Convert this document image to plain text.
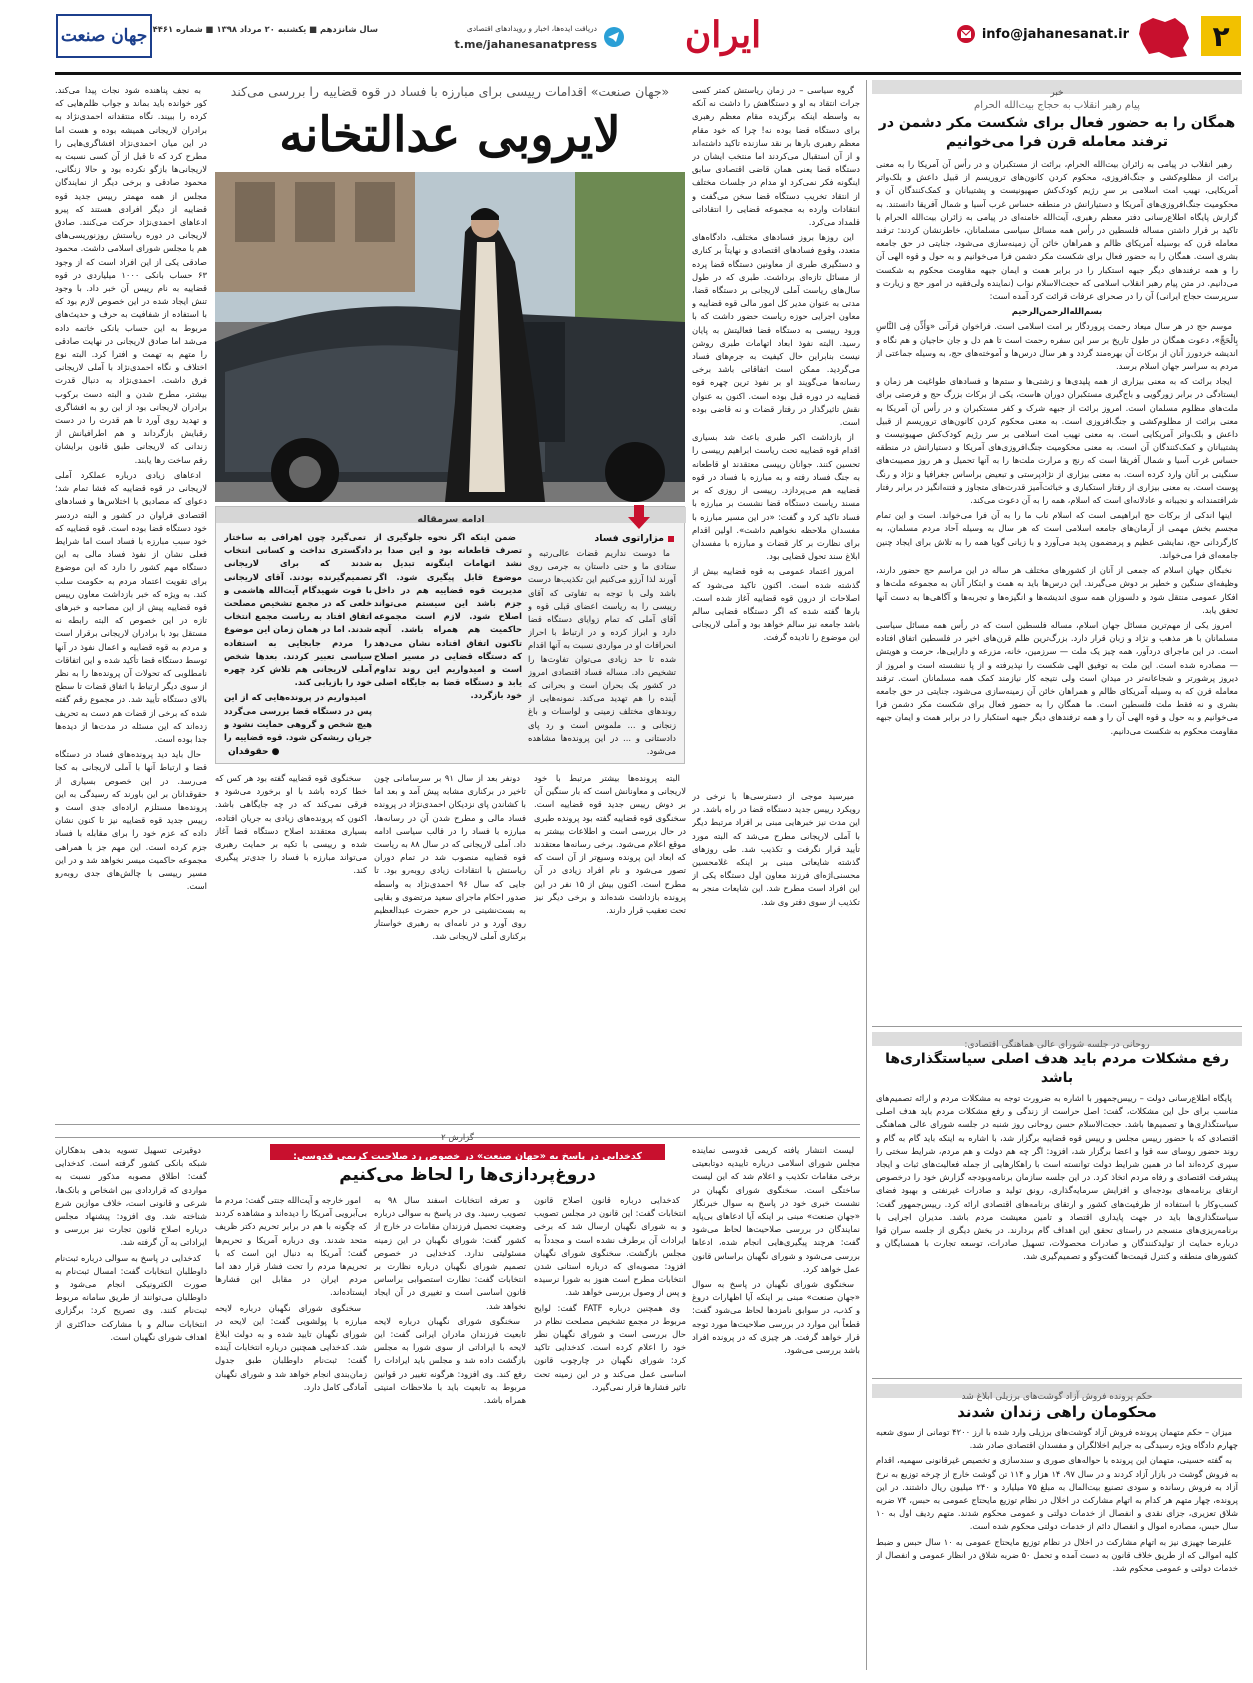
۲
info@jahanesanat.ir
ایران
دریافت ایده‌ها، اخبار و رویدادهای اقتصادی
t.me/jahanesanatpress
سال شانزدهم ■ یکشنبه ۲۰ مرداد ۱۳۹۸ ■ شماره ۴۴۶۱
جهان صنعت
خبر
پیام رهبر انقلاب به حجاج بیت‌الله الحرام
همگان را به حضور فعال برای شکست مکر دشمن در ترفند معامله قرن فرا می‌خوانیم

رهبر انقلاب در پیامی به زائران بیت‌الله الحرام، برائت از مستکبران و در رأس آن آمریکا را به معنی برائت از مظلوم‌کشی و جنگ‌افروزی، محکوم کردن کانون‌های تروریسم از قبیل داعش و بلک‌واتر آمریکایی، نهیب امت اسلامی بر سرِ رژیم کودک‌کش صهیونیست و پشتیبانان و کمک‌کنندگان آن و محکومیت جنگ‌افروزی‌های آمریکا و دستیارانش در منطقه حساس غرب آسیا و شمال آفریقا دانستند. به گزارش پایگاه اطلاع‌رسانی دفتر معظم رهبری، آیت‌الله خامنه‌ای در پیامی به زائران بیت‌الله الحرام با تاکید بر قرار داشتن مساله فلسطین در رأس همه مسائل سیاسی مسلمانان، خاطرنشان کردند: ترفند معامله قرن که بوسیله آمریکای ظالم و همراهان خائن آن زمینه‌سازی می‌شود، جنایتی در حق جامعه بشری است. همگان را به حضور فعال برای شکست مکر دشمن فرا می‌خوانیم و به حول و قوه الهی آن را و همه ترفندهای دیگر جبهه استکبار را در برابر همت و ایمان جبهه مقاومت محکوم به شکست می‌دانیم. در متن پیام رهبر انقلاب اسلامی که حجت‌الاسلام نواب (نماینده ولی‌فقیه در امور حج و زیارت و سرپرست حجاج ایرانی) آن را در صحرای عرفات قرائت کرد آمده است:

بسم‌الله‌الرحمن‌الرحیم

موسم حج در هر سال میعاد رحمت پروردگار بر امت اسلامی است. فراخوان قرآنی «وَأَذِّن فِی النَّاسِ بِالْحَجِّ»، دعوت همگان در طول تاریخ بر سر این سفره رحمت است تا هم دل و جان حاجیان و هم نگاه و اندیشه خردورز آنان از برکات آن بهره‌مند گردد و هر سال درس‌ها و آموخته‌های حج، به وسیله جماعتی از مردم به سراسر جهان اسلام برسد.

ایجاد برائت که به معنی بیزاری از همه پلیدی‌ها و زشتی‌ها و ستم‌ها و فسادهای طواغیت هر زمان و ایستادگی در برابر زورگویی و باج‌گیری مستکبران دوران هاست، یکی از برکات بزرگ حج و فرصتی برای ملت‌های مظلوم مسلمان است. امروز برائت از جبهه شرک و کفر مستکبران و در رأس آن آمریکا به معنی برائت از مظلوم‌کشی و جنگ‌افروزی است. به معنی محکوم کردن کانون‌های تروریسم از قبیل داعش و بلک‌واتر آمریکایی است. به معنی نهیب امت اسلامی بر سر رژیم کودک‌کش صهیونیست و پشتیبانان و کمک‌کنندگان آن است. به معنی محکومیت جنگ‌افروزی‌های آمریکا و دستیارانش در منطقه حساس غرب آسیا و شمال آفریقا است که رنج و مرارت ملت‌ها را به آنها تحمیل و هر روز مصیبت‌های سنگینی بر آنان وارد کرده است. به معنی بیزاری از نژادپرستی و تبعیض براساس جغرافیا و نژاد و رنگ پوست است. به معنی بیزاری از رفتار استکباری و خباثت‌آمیز قدرت‌های متجاوز و فتنه‌انگیز در برابر رفتار شرافتمندانه و نجیبانه و عادلانه‌ای است که اسلام، همه را به آن دعوت می‌کند.

اینها اندکی از برکات حج ابراهیمی است که اسلام ناب ما را به آن فرا می‌خواند. است و این تمام مجسم بخش مهمی از آرمان‌های جامعه اسلامی است که هر سال به وسیله آحاد مردم مسلمان، به کارگردانی حج، نمایشی عظیم و پرمضمون پدید می‌آورد و با زبانی گویا همه را به تلاش برای ایجاد چنین جامعه‌ای فرا می‌خواند.

نخبگان جهان اسلام که جمعی از آنان از کشورهای مختلف هر ساله در این مراسم حج حضور دارند، وظیفه‌ای سنگین و خطیر بر دوش می‌گیرند. این درس‌ها باید به همت و ابتکار آنان به مجموعه ملت‌ها و افکار عمومی منتقل شود و دلسوزان همه سوی اندیشه‌ها و انگیزه‌ها و تجربه‌ها و آگاهی‌ها به دست آنها تحقق یابد.

امروز یکی از مهم‌ترین مسائل جهان اسلام، مساله فلسطین است که در رأس همه مسائل سیاسی مسلمانان با هر مذهب و نژاد و زبان قرار دارد. بزرگ‌ترین ظلم قرن‌های اخیر در فلسطین اتفاق افتاده است. در این ماجرای دردآور، همه چیز یک ملت — سرزمین، خانه، مزرعه و دارایی‌ها، حرمت و هویتش — مصادره شده است. این ملت به توفیق الهی شکست را نپذیرفته و از پا ننشسته است و امروز از دیروز پرشورتر و شجاعانه‌تر در میدان است ولی نتیجه کار نیازمند کمک همه مسلمانان است. ترفند معامله قرن که به وسیله آمریکای ظالم و همراهان خائن آن زمینه‌سازی می‌شود، جنایتی در حق جامعه بشری و نه فقط ملت فلسطین است. ما همگان را به حضور فعال برای شکست مکر دشمن فرا می‌خوانیم و به حول و قوه الهی آن را و همه ترفندهای دیگر جبهه استکبار را در برابر همت و ایمان جبهه مقاومت محکوم به شکست می‌دانیم.

روحانی در جلسه شورای عالی هماهنگی اقتصادی:
رفع مشکلات مردم باید هدف اصلی سیاستگذاری‌ها باشد

پایگاه اطلاع‌رسانی دولت – رییس‌جمهور با اشاره به ضرورت توجه به مشکلات مردم و ارائه تصمیم‌های مناسب برای حل این مشکلات، گفت: اصل حراست از زندگی و رفع مشکلات مردم باید هدف اصلی سیاستگذاری‌ها و تصمیم‌ها باشد. حجت‌الاسلام حسن روحانی روز شنبه در جلسه شورای عالی هماهنگی اقتصادی که با حضور رییس مجلس و رییس قوه قضاییه برگزار شد، با اشاره به اینکه باید گام به گام و روند حضور روسای سه قوا و اعضا برگزار شد، افزود: اگر چه هم دولت و هم مردم، شرایط سختی را سپری کرده‌اند اما در همین شرایط دولت توانسته است با راهکارهایی از جمله فعالیت‌های ثبات و ایجاد پیشرفت اقتصادی و رفاه مردم اتخاذ کرد. در این جلسه سازمان برنامه‌وبودجه گزارش خود را درخصوص ارتقای برنامه‌های بودجه‌ای و افزایش سرمایه‌گذاری، رونق تولید و صادرات غیرنفتی و بهبود فضای کسب‌وکار با استفاده از ظرفیت‌های کشور و ارتقای برنامه‌های اقتصادی ارائه کرد. رییس‌جمهور گفت: سیاستگذاری‌ها باید در جهت پایداری اقتصاد و تامین معیشت مردم باشد. مدیران اجرایی با برنامه‌ریزی‌های منسجم در راستای تحقق این اهداف گام بردارند. در بخش دیگری از جلسه سران قوا درباره حمایت از تولیدکنندگان و صادرات محصولات، تسهیل صادرات، توسعه تجارت با همسایگان و کشورهای منطقه و کنترل قیمت‌ها گفت‌وگو و تصمیم‌گیری شد.

حکم پرونده فروش آزاد گوشت‌های برزیلی ابلاغ شد
محکومان راهی زندان شدند

میزان – حکم متهمان پرونده فروش آزاد گوشت‌های برزیلی وارد شده با ارز ۴۲۰۰ تومانی از سوی شعبه چهارم دادگاه ویژه رسیدگی به جرایم اخلالگران و مفسدان اقتصادی صادر شد.

به گفته حسینی، متهمان این پرونده با حواله‌های صوری و سندسازی و تخصیص غیرقانونی سهمیه، اقدام به فروش گوشت در بازار آزاد کردند و در سال ۹۷، ۱۴ هزار و ۱۱۴ تن گوشت خارج از چرخه توزیع به نرخ آزاد به فروش رسانده و سودی تصنیع بیت‌المال به مبلغ ۷۵ میلیارد و ۲۴۰ میلیون ریال داشتند. در این پرونده، چهار متهم هر کدام به اتهام مشارکت در اخلال در نظام توزیع مایحتاج عمومی به حبس، ۷۴ ضربه شلاق تعزیری، جزای نقدی و انفصال از خدمات دولتی و عمومی محکوم شدند. متهم ردیف اول به ۱۰ سال حبس، مصادره اموال و انفصال دائم از خدمات دولتی محکوم شده است.

علیرضا جهیزی نیز به اتهام مشارکت در اخلال در نظام توزیع مایحتاج عمومی به ۱۰ سال حبس و ضبط کلیه اموالی که از طریق خلاف قانون به دست آمده و تحمل ۵۰ ضربه شلاق در انظار عمومی و انفصال از خدمات دولتی و عمومی محکوم شد.

«جهان صنعت» اقدامات رییسی برای مبارزه با فساد در قوه قضاییه را بررسی می‌کند
لایروبی عدالتخانه

به نجف پناهنده شود نجات پیدا می‌کند. کور خوانده باید بماند و جواب ظلم‌هایی که کرده را ببیند. نگاه منتقدانه احمدی‌نژاد به برادران لاریجانی همیشه بوده و هست اما در این میان احمدی‌نژاد افشاگری‌هایی را مطرح کرد که تا قبل از آن کسی نسبت به لاریجانی‌ها بازگو نکرده بود و حالا زنگانی، محمود صادقی و برخی دیگر از نمایندگان مجلس از همه مهمتر رییس جدید قوه قضاییه از دیگر افرادی هستند که پیرو ادعاهای احمدی‌نژاد حرکت می‌کنند. صادق لاریجانی در دوره ریاستش روزنوریسی‌های هم با مجلس شورای اسلامی داشت. محمود صادقی یکی از این افراد است که از وجود ۶۳ حساب بانکی ۱۰۰۰ میلیاردی در قوه قضاییه به نام رییس آن خبر داد. با وجود تنش ایجاد شده در این خصوص لازم بود که با استفاده از شفافیت به حرف و حدیث‌های مربوط به این حساب بانکی خاتمه داده می‌شد اما صادق لاریجانی در نهایت صادقی را متهم به تهمت و افترا کرد. البته نوع اختلاف و نگاه احمدی‌نژاد با آملی لاریجانی فرق داشت. احمدی‌نژاد به دنبال قدرت بیشتر، مطرح شدن و البته دست برکوب برادران لاریجانی بود از این رو به افشاگری و تهدید روی آورد تا هم قدرت را در دست رقبایش بازگرداند و هم اطرافیانش از زندانی که لاریجانی طبق قانون برایشان رقم ساخت رها یابند.

ادعاهای زیادی درباره عملکرد آملی لاریجانی در قوه قضاییه که فشا تمام شد؛ دعوای که مصادیق با اختلاس‌ها و فسادهای اقتصادی فراوان در کشور و البته دردسر خود دستگاه قضا بوده است. قوه قضاییه که خود سبب مبارزه با فساد است اما شرایط فعلی نشان از نفوذ فساد مالی به این دستگاه مهم کشور را دارد که این موضوع برای تقویت اعتماد مردم به حکومت سلب کند. به ویژه که خبر بازداشت معاون رییس قوه قضاییه پیش از این مصاحبه و خبرهای تازه در این خصوص که البته رابطه نه مستقل بود با برادران لاریجانی برقرار است و مردم به قوه قضاییه و اعمال نفوذ در آنها توسط دستگاه قضا تأکید شده و این اتفاقات نامطلوبی که تحولات آن پرونده‌ها را به نظر از سوی دیگر ارتباط با اتفاق قضات تا سطح بالای دستگاه تأیید شد. در مجموع رقم گفته شده که برخی از قضات هم دست به تحریف زده‌اند که این مسئله در مدت‌ها از دیده‌ها جدا بوده است.

حال باید دید پرونده‌های فساد در دستگاه قضا و ارتباط آنها با آملی لاریجانی به کجا می‌رسد. در این خصوص بسیاری از حقوقدانان بر این باورند که رسیدگی به این پرونده‌ها مستلزم اراده‌ای جدی است و رییس جدید قوه قضاییه نیز تا کنون نشان داده که عزم خود را برای مقابله با فساد جزم کرده است. این مهم جز با همراهی مجموعه حاکمیت میسر نخواهد شد و در این مسیر رییسی با چالش‌های جدی روبه‌رو است.

گروه سیاسی – در زمان ریاستش کمتر کسی جرات انتقاد به او و دستگاهش را داشت نه آنکه به واسطه اینکه برگزیده مقام معظم رهبری برای دستگاه قضا بوده نه! چرا که خود مقام معظم رهبری بارها بر نقد سازنده تاکید داشته‌اند و از آن استقبال می‌کردند اما منتخب ایشان در دستگاه قضا یعنی همان قاضی اقتصادی سابق اینگونه فکر نمی‌کرد او مدام در جلسات مختلف از انتقاد تخریب دستگاه قضا سخن می‌گفت و انتقادات وارده به مجموعه قضایی را انتقاداتی قلمداد می‌کرد.

این روزها بروز فسادهای مختلف، دادگاه‌های متعدد، وقوع فسادهای اقتصادی و نهایتاً بر کناری و دستگیری طبری از معاونین دستگاه قضا پرده از مسائل تازه‌ای برداشت. طبری که در طول سال‌های ریاست آملی لاریجانی بر دستگاه قضا، مدتی به عنوان مدیر کل امور مالی قوه قضاییه و معاون اجرایی حوزه ریاست حضور داشت که با ورود رییسی به دستگاه قضا فعالیتش به پایان رسید. البته نفوذ ابعاد اتهامات طبری روشن نیست بنابراین حال کیفیت به جرم‌های فساد می‌گردید. ممکن است اتفاقاتی باشد برخی رسانه‌ها می‌گویند او بر نفوذ ترین چهره قوه قضاییه در دوره قبل بوده است. اکنون به عنوان نقش تاثیرگذار در رفتار قضات و نه قاضی بوده است.

از بازداشت اکبر طبری باعث شد بسیاری اقدام قوه قضاییه تحت ریاست ابراهیم رییسی را تحسین کنند. جوانان رییسی معتقدند او قاطعانه به جنگ فساد رفته و به مبارزه با فساد در قوه قضاییه هم می‌پردازد. رییسی از روزی که بر مسند ریاست دستگاه قضا نشست بر مبارزه با فساد تاکید کرد و گفت: «در این مسیر مبارزه با مفسدان ملاحظه نخواهیم داشت». اولین اقدام برای نظارت بر کار قضات و مبارزه با مفسدان ابلاغ سند تحول قضایی بود.

امروز اعتماد عمومی به قوه قضاییه بیش از گذشته شده است. اکنون تاکید می‌شود که اصلاحات از درون قوه قضاییه آغاز شده است. بارها گفته شده که اگر دستگاه قضایی سالم باشد جامعه نیز سالم خواهد بود و آملی لاریجانی این موضوع را نادیده گرفت.

ادامه سرمقاله
مزاراتوی فساد

ما دوست نداریم قضات عالی‌رتبه و ستادی ما و حتی داستان به جرمی روی آورند لذا آرزو می‌کنیم این تکذیب‌ها درست باشد ولی با توجه به تفاوتی که آقای رییسی را به ریاست اعضای قبلی قوه و آقای آملی که تمام زوایای دستگاه قضا دارد و ابراز کرده و در ارتباط با احراز انحرافات او در مواردی نسبت به آنها اقدام شده تا حد زیادی می‌توان تفاوت‌ها را تشخیص داد. مساله فساد اقتصادی امروز در کشور یک بحران است و بحرانی که آینده را هم تهدید می‌کند. نمونه‌هایی از روندهای مختلف زمینی و لواسنات و باغ زنجانی و ... ملموس است و رد پای دادستانی و ... در این پرونده‌ها مشاهده می‌شود.

ضمن اینکه اگر نحوه جلوگیری از تصرف قاطعانه بود و این صدا بر نشد اتهامات اینگونه تبدیل به موضوع قابل پیگیری شود. اگر مدیریت قوه قضاییه هم در داخل جزم باشد این سیستم می‌تواند اصلاح شود. لازم است مجموعه حاکمیت هم همراه باشد. آنچه تاکنون اتفاق افتاده نشان می‌دهد که دستگاه قضایی در مسیر اصلاح است و امیدواریم این روند تداوم یابد و دستگاه قضا به جایگاه اصلی خود بازگردد.

تمی‌گیرد چون اهرافی به ساختار دادگستری تداخت و کسانی انتخاب شدند که برای لاریجانی تصمیم‌گیرنده بودند. آقای لاریجانی با فوت شهیدگام آیت‌الله هاشمی و خلعی که در مجمع تشخیص مصلحت اتفاق افتاد به ریاست مجمع انتخاب شدند. اما در همان زمان این موضوع را مردم جابجایی به استفاده سیاسی تعبیر کردند. بعدها شخص آملی لاریجانی هم تلاش کرد چهره خود را بازیابی کند.

امیدواریم در پرونده‌هایی که از این پس در دستگاه قضا بررسی می‌گردد هیچ شخص و گروهی حمایت نشود و جریان ریشه‌کن شود. قوه قضاییه را

● حقوقدان

میرسید موجی از دسترسی‌ها با نرخی در رویکرد رییس جدید دستگاه قضا در راه باشد. در این مدت نیز خبرهایی مبنی بر افراد مرتبط دیگر با آملی لاریجانی مطرح می‌شد که البته مورد تأیید قرار نگرفت و تکذیب شد. طی روزهای گذشته شایعاتی مبنی بر اینکه غلامحسین محسنی‌اژه‌ای فرزند معاون اول دستگاه یکی از این افراد است مطرح شد. این شایعات منجر به تکذیب از سوی دفتر وی شد.

البته پرونده‌ها بیشتر مرتبط با خود لاریجانی و معاونانش است که بار سنگین آن بر دوش رییس جدید قوه قضاییه است. سخنگوی قوه قضاییه گفته بود پرونده طبری در حال بررسی است و اطلاعات بیشتر به موقع اعلام می‌شود. برخی رسانه‌ها معتقدند که ابعاد این پرونده وسیع‌تر از آن است که تصور می‌شود و نام افراد زیادی در آن مطرح است. اکنون بیش از ۱۵ نفر در این پرونده بازداشت شده‌اند و برخی دیگر نیز تحت تعقیب قرار دارند.

دونفر بعد از سال ۹۱ بر سرسامانی چون تاخیر در برکناری مشابه پیش آمد و بعد اما با کشاندن پای نزدیکان احمدی‌نژاد در پرونده فساد مالی و مطرح شدن آن در رسانه‌ها، مبارزه با فساد را در قالب سیاسی ادامه داد. آملی لاریجانی که در سال ۸۸ به ریاست قوه قضاییه منصوب شد در تمام دوران ریاستش با انتقادات زیادی روبه‌رو بود. تا جایی که سال ۹۶ احمدی‌نژاد به واسطه صدور احکام ماجرای سعید مرتضوی و بقایی به بست‌نشینی در حرم حضرت عبدالعظیم روی آورد و در نامه‌ای به رهبری خواستار برکناری آملی لاریجانی شد.

سخنگوی قوه قضاییه گفته بود هر کس که خطا کرده باشد با او برخورد می‌شود و فرقی نمی‌کند که در چه جایگاهی باشد. اکنون که پرونده‌های زیادی به جریان افتاده، بسیاری معتقدند اصلاح دستگاه قضا آغاز شده و رییسی با تکیه بر حمایت رهبری می‌تواند مبارزه با فساد را جدی‌تر پیگیری کند.

گزارش ۲
کدخدایی در پاسخ به «جهان صنعت» در خصوص رد صلاحیت کریمی قدوسی:
دروغ‌پردازی‌ها را لحاظ می‌کنیم

لیست انتشار یافته کریمی قدوسی نماینده مجلس شورای اسلامی درباره تاییدیه دوتابعیتی برخی مقامات تکذیب و اعلام شد که این لیست ساختگی است. سخنگوی شورای نگهبان در نشست خبری خود در پاسخ به سوال خبرنگار «جهان صنعت» مبنی بر اینکه آیا ادعاهای بی‌پایه نمایندگان در بررسی صلاحیت‌ها لحاظ می‌شود گفت: هرچند پیگیری‌هایی انجام شده، ادعاها بررسی می‌شود و شورای نگهبان براساس قانون عمل خواهد کرد.

سخنگوی شورای نگهبان در پاسخ به سوال «جهان صنعت» مبنی بر اینکه آیا اظهارات دروغ و کذب، در سوابق نامزدها لحاظ می‌شود گفت: قطعاً این موارد در بررسی صلاحیت‌ها مورد توجه قرار خواهد گرفت. هر چیزی که در پرونده افراد باشد بررسی می‌شود.

کدخدایی درباره قانون اصلاح قانون انتخابات گفت: این قانون در مجلس تصویب و به شورای نگهبان ارسال شد که برخی ایرادات آن برطرف نشده است و مجدداً به مجلس بازگشت. سخنگوی شورای نگهبان افزود: مصوبه‌ای که درباره استانی شدن انتخابات مطرح است هنوز به شورا نرسیده و پس از وصول بررسی خواهد شد.

وی همچنین درباره FATF گفت: لوایح مربوط در مجمع تشخیص مصلحت نظام در حال بررسی است و شورای نگهبان نظر خود را اعلام کرده است. کدخدایی تاکید کرد: شورای نگهبان در چارچوب قانون اساسی عمل می‌کند و در این زمینه تحت تاثیر فشارها قرار نمی‌گیرد.

و تعرفه انتخابات اسفند سال ۹۸ به تصویب رسید. وی در پاسخ به سوالی درباره وضعیت تحصیل فرزندان مقامات در خارج از کشور گفت: شورای نگهبان در این زمینه مسئولیتی ندارد. کدخدایی در خصوص تصمیم شورای نگهبان درباره نظارت بر انتخابات گفت: نظارت استصوابی براساس قانون اساسی است و تغییری در آن ایجاد نخواهد شد.

سخنگوی شورای نگهبان درباره لایحه تابعیت فرزندان مادران ایرانی گفت: این لایحه با ایراداتی از سوی شورا به مجلس بازگشت داده شد و مجلس باید ایرادات را رفع کند. وی افزود: هرگونه تغییر در قوانین مربوط به تابعیت باید با ملاحظات امنیتی همراه باشد.

امور خارجه و آیت‌الله جنتی گفت: مردم ما بی‌آبرویی آمریکا را دیده‌اند و مشاهده کردند که چگونه با هم در برابر تحریم دکتر ظریف متحد شدند. وی درباره آمریکا و تحریم‌ها گفت: آمریکا به دنبال این است که با تحریم‌ها مردم را تحت فشار قرار دهد اما مردم ایران در مقابل این فشارها ایستاده‌اند.

سخنگوی شورای نگهبان درباره لایحه مبارزه با پولشویی گفت: این لایحه در شورای نگهبان تایید شده و به دولت ابلاغ شد. کدخدایی همچنین درباره انتخابات آینده گفت: ثبت‌نام داوطلبان طبق جدول زمان‌بندی انجام خواهد شد و شورای نگهبان آمادگی کامل دارد.

دوقیرتی تسهیل تسویه بدهی بدهکاران شبکه بانکی کشور گرفته است. کدخدایی گفت: اطلاق مصوبه مذکور نسبت به مواردی که قراردادی بین اشخاص و بانک‌ها، شرعی و قانونی است، خلاف موازین شرع شناخته شد. وی افزود: پیشنهاد مجلس درباره اصلاح قانون تجارت نیز بررسی و ایراداتی به آن گرفته شد.

کدخدایی در پاسخ به سوالی درباره ثبت‌نام داوطلبان انتخابات گفت: امسال ثبت‌نام به صورت الکترونیکی انجام می‌شود و داوطلبان می‌توانند از طریق سامانه مربوط ثبت‌نام کنند. وی تصریح کرد: برگزاری انتخابات سالم و با مشارکت حداکثری از اهداف شورای نگهبان است.
